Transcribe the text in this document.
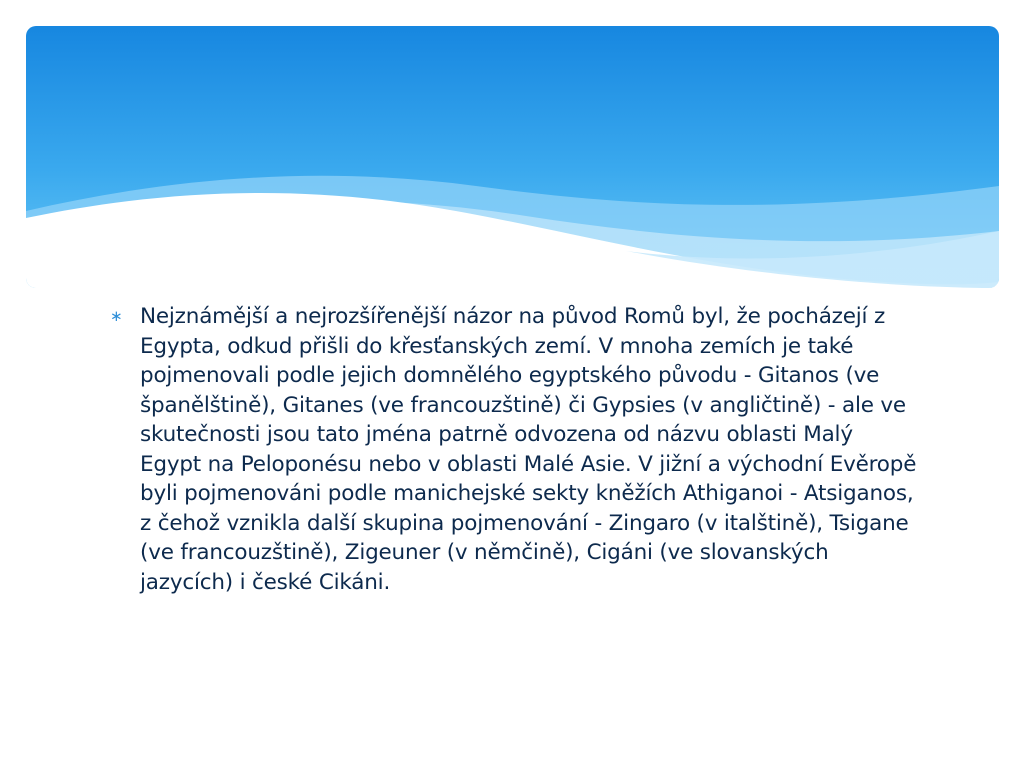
∗ Nejznámější a nejrozšířenější názor na původ Romů byl, že pocházejí z Egypta, odkud přišli do křesťanských zemí. V mnoha zemích je také pojmenovali podle jejich domnělého egyptského původu - Gitanos (ve španělštině), Gitanes (ve francouzštině) či Gypsies (v angličtině) - ale ve skutečnosti jsou tato jména patrně odvozena od názvu oblasti Malý Egypt na Peloponésu nebo v oblasti Malé Asie. V jižní a východní Evěropě byli pojmenováni podle manichejské sekty kněžích Athiganoi - Atsiganos, z čehož vznikla další skupina pojmenování - Zingaro (v italštině), Tsigane (ve francouzštině), Zigeuner (v němčině), Cigáni (ve slovanských jazycích) i české Cikáni.
